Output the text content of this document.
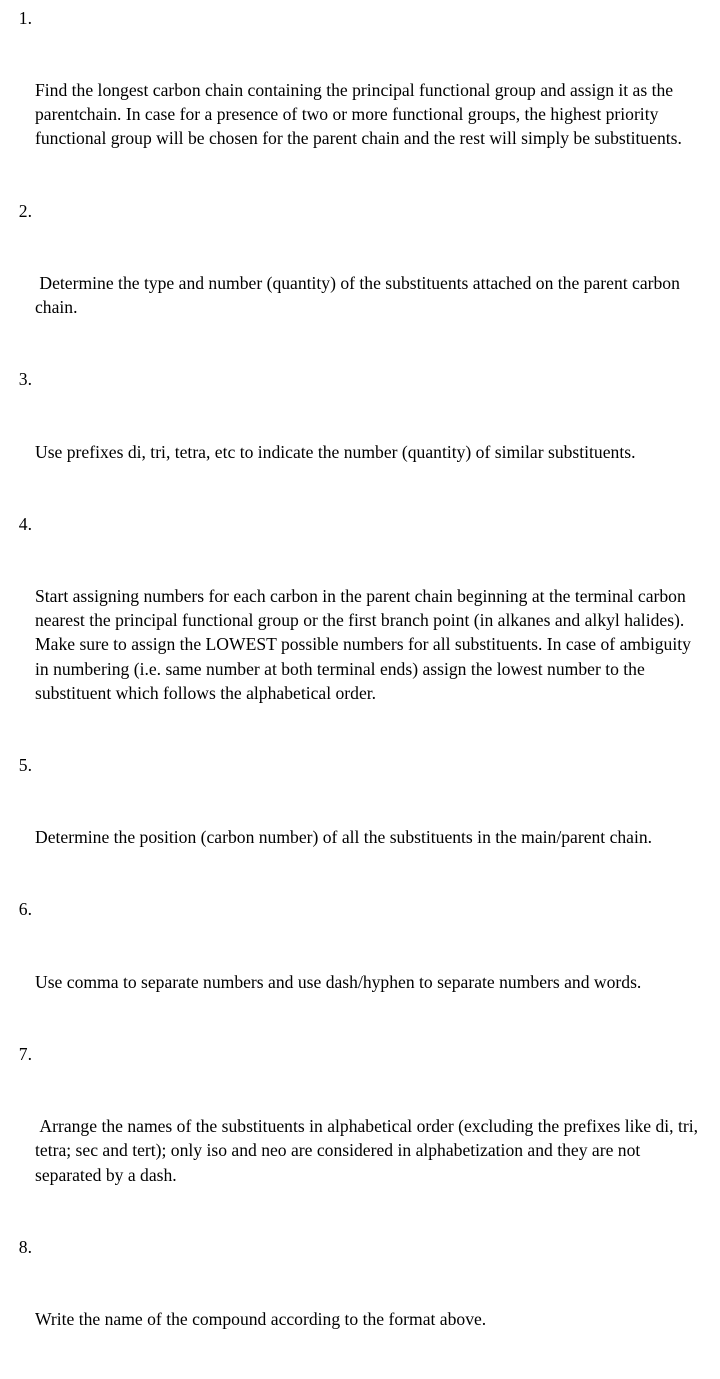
1.

Find the longest carbon chain containing the principal functional group and assign it as the parentchain. In case for a presence of two or more functional groups, the highest priority functional group will be chosen for the parent chain and the rest will simply be substituents.

2.

Determine the type and number (quantity) of the substituents attached on the parent carbon chain.

3.

Use prefixes di, tri, tetra, etc to indicate the number (quantity) of similar substituents.

4.

Start assigning numbers for each carbon in the parent chain beginning at the terminal carbon nearest the principal functional group or the first branch point (in alkanes and alkyl halides). Make sure to assign the LOWEST possible numbers for all substituents. In case of ambiguity in numbering (i.e. same number at both terminal ends) assign the lowest number to the substituent which follows the alphabetical order.

5.

Determine the position (carbon number) of all the substituents in the main/parent chain.

6.

Use comma to separate numbers and use dash/hyphen to separate numbers and words.

7.

Arrange the names of the substituents in alphabetical order (excluding the prefixes like di, tri, tetra; sec and tert); only iso and neo are considered in alphabetization and they are not separated by a dash.

8.

Write the name of the compound according to the format above.
